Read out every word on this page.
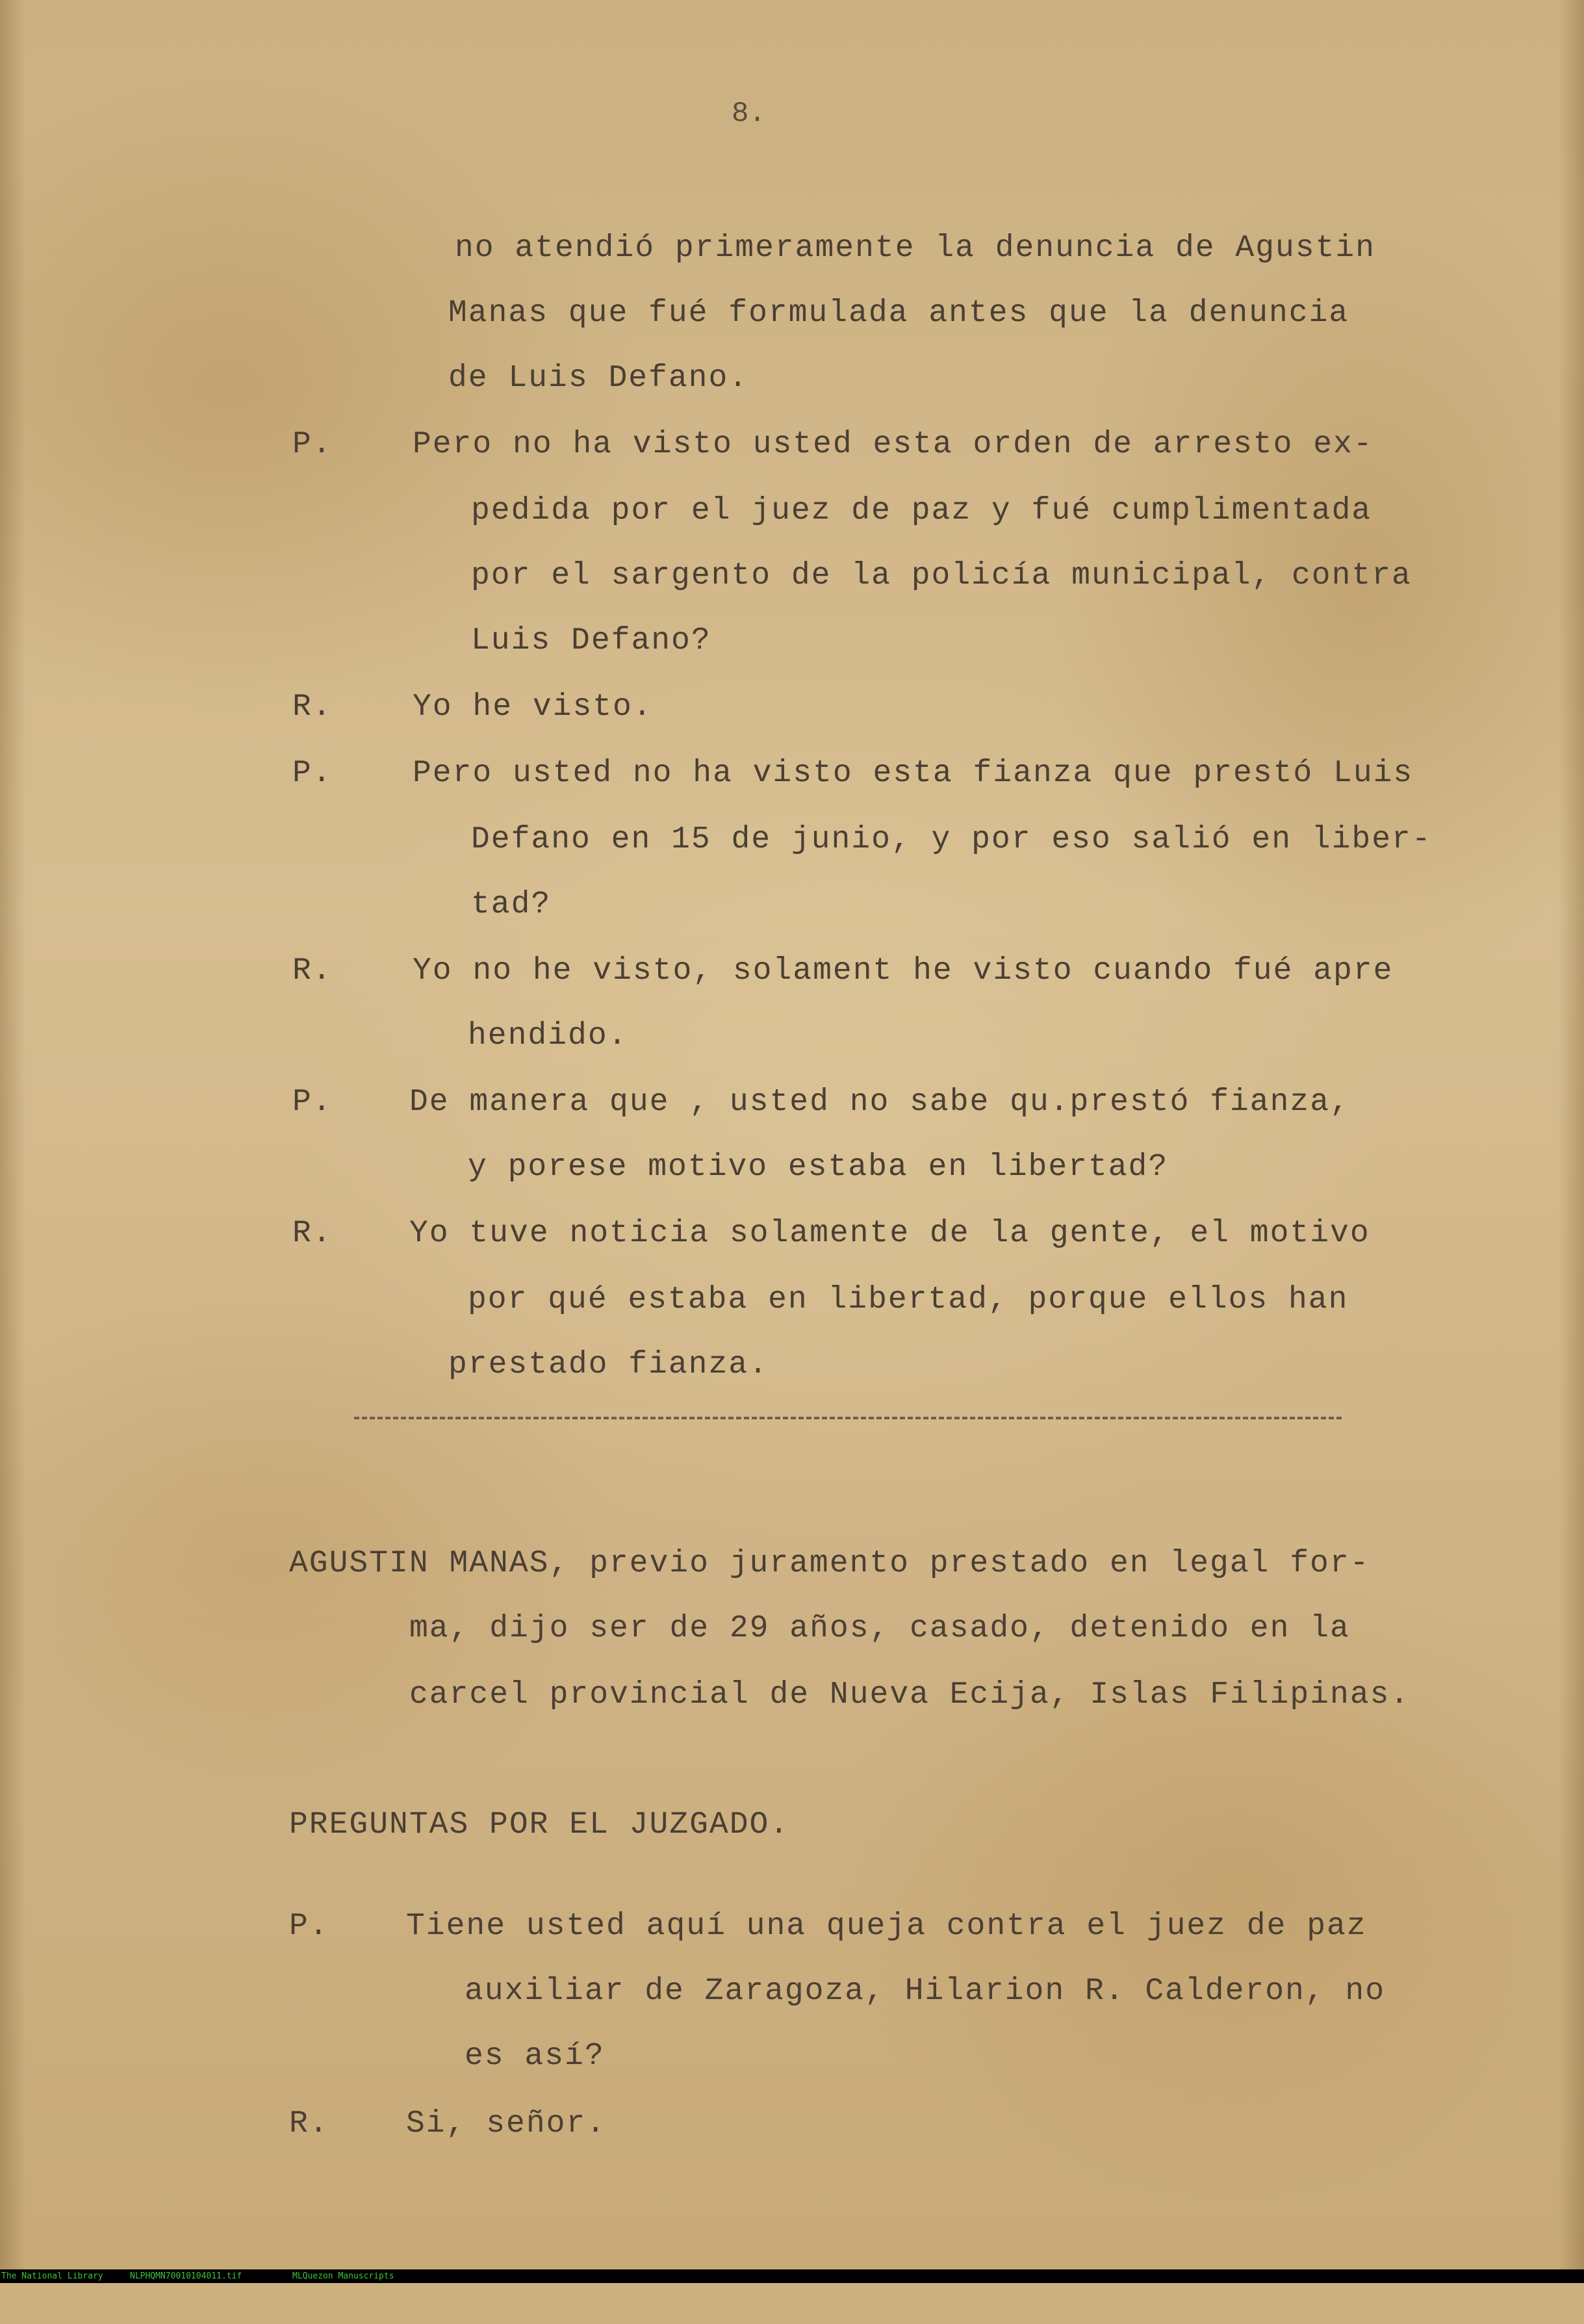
8.
no atendió primeramente la denuncia de Agustin
Manas que fué formulada antes que la denuncia
de Luis Defano.
P.	Pero no ha visto usted esta orden de arresto ex-
pedida por el juez de paz y fué cumplimentada
por el sargento de la policía municipal, contra
Luis Defano?
R.	Yo he visto.
P.	Pero usted no ha visto esta fianza que prestó Luis
Defano en 15 de junio, y por eso salió en liber-
tad?
R.	Yo no he visto, solament he visto cuando fué apre
hendido.
P. De manera que , usted no sabe qu.prestó fianza,
y porese motivo estaba en libertad?
R. Yo tuve noticia solamente de la gente, el motivo
por qué estaba en libertad, porque ellos han
prestado fianza.
AGUSTIN MANAS, previo juramento prestado en legal for-
ma, dijo ser de 29 años, casado, detenido en la
carcel provincial de Nueva Ecija, Islas Filipinas.
PREGUNTAS POR EL JUZGADO.
P. Tiene usted aquí una queja contra el juez de paz
auxiliar de Zaragoza, Hilarion R. Calderon, no
es así?
R. Si, señor.

The National Library

	NLPHQMN70010104011.tif

	MLQuezon Manuscripts
